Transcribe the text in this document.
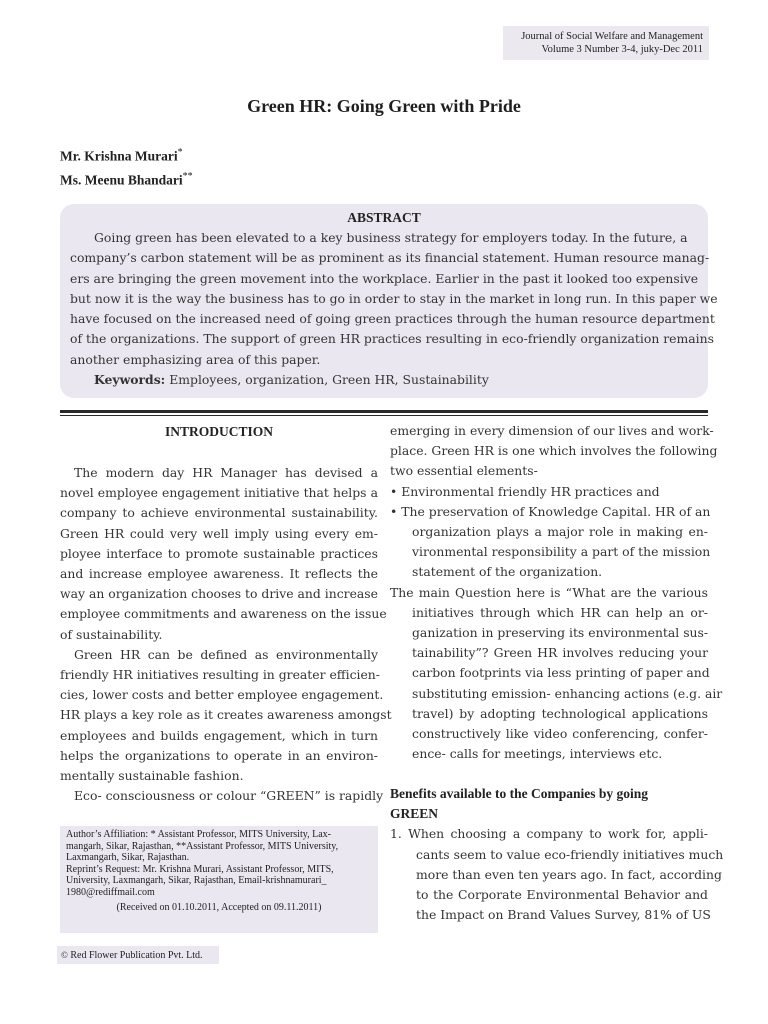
Journal of Social Welfare and Management
Volume 3 Number 3-4, juky-Dec 2011
Green HR: Going Green with Pride
Mr. Krishna Murari*
Ms. Meenu Bhandari**
ABSTRACT
Going green has been elevated to a key business strategy for employers today. In the future, a
company’s carbon statement will be as prominent as its financial statement. Human resource manag-
ers are bringing the green movement into the workplace. Earlier in the past it looked too expensive
but now it is the way the business has to go in order to stay in the market in long run. In this paper we
have focused on the increased need of going green practices through the human resource department
of the organizations. The support of green HR practices resulting in eco-friendly organization remains
another emphasizing area of this paper.
Keywords: Employees, organization, Green HR, Sustainability
INTRODUCTION
The modern day HR Manager has devised a
novel employee engagement initiative that helps a
company to achieve environmental sustainability.
Green HR could very well imply using every em-
ployee interface to promote sustainable practices
and increase employee awareness. It reflects the
way an organization chooses to drive and increase
employee commitments and awareness on the issue
of sustainability.
Green HR can be defined as environmentally
friendly HR initiatives resulting in greater efficien-
cies, lower costs and better employee engagement.
HR plays a key role as it creates awareness amongst
employees and builds engagement, which in turn
helps the organizations to operate in an environ-
mentally sustainable fashion.
Eco- consciousness or colour “GREEN” is rapidly
emerging in every dimension of our lives and work-
place. Green HR is one which involves the following
two essential elements-
• Environmental friendly HR practices and
• The preservation of Knowledge Capital. HR of an
organization plays a major role in making en-
vironmental responsibility a part of the mission
statement of the organization.
The main Question here is “What are the various
initiatives through which HR can help an or-
ganization in preserving its environmental sus-
tainability”? Green HR involves reducing your
carbon footprints via less printing of paper and
substituting emission- enhancing actions (e.g. air
travel) by adopting technological applications
constructively like video conferencing, confer-
ence- calls for meetings, interviews etc.
Benefits available to the Companies by going
GREEN
1. When choosing a company to work for, appli-
cants seem to value eco-friendly initiatives much
more than even ten years ago. In fact, according
to the Corporate Environmental Behavior and
the Impact on Brand Values Survey, 81% of US
Author’s Affiliation: * Assistant Professor, MITS University, Lax-
mangarh, Sikar, Rajasthan, **Assistant Professor, MITS University,
Laxmangarh, Sikar, Rajasthan.
Reprint’s Request: Mr. Krishna Murari, Assistant Professor, MITS,
University, Laxmangarh, Sikar, Rajasthan, Email-krishnamurari_
1980@rediffmail.com
(Received on 01.10.2011, Accepted on 09.11.2011)
© Red Flower Publication Pvt. Ltd.
